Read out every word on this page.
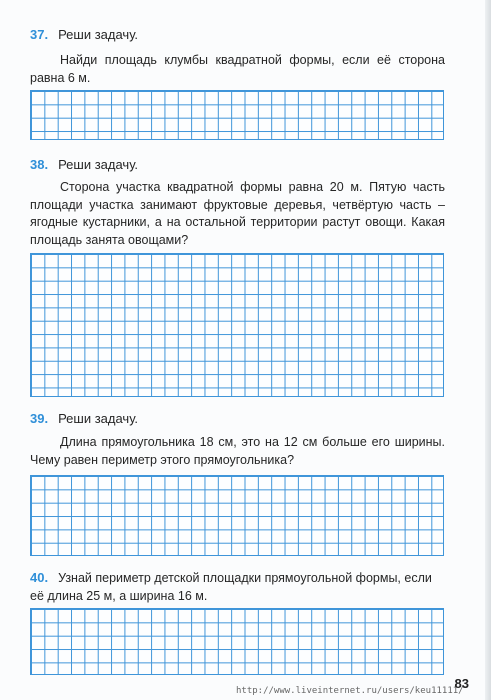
37. Реши задачу.
Найди площадь клумбы квадратной формы, если её сторона равна 6 м.
38. Реши задачу.
Сторона участка квадратной формы равна 20 м. Пятую часть площади участка занимают фруктовые деревья, четвёртую часть – ягодные кустарники, а на остальной территории растут овощи. Какая площадь занята овощами?
39. Реши задачу.
Длина прямоугольника 18 см, это на 12 см больше его ширины. Чему равен периметр этого прямоугольника?
40. Узнай периметр детской площадки прямоугольной формы, если её длина 25 м, а ширина 16 м.
http://www.liveinternet.ru/users/keu11111/
83
